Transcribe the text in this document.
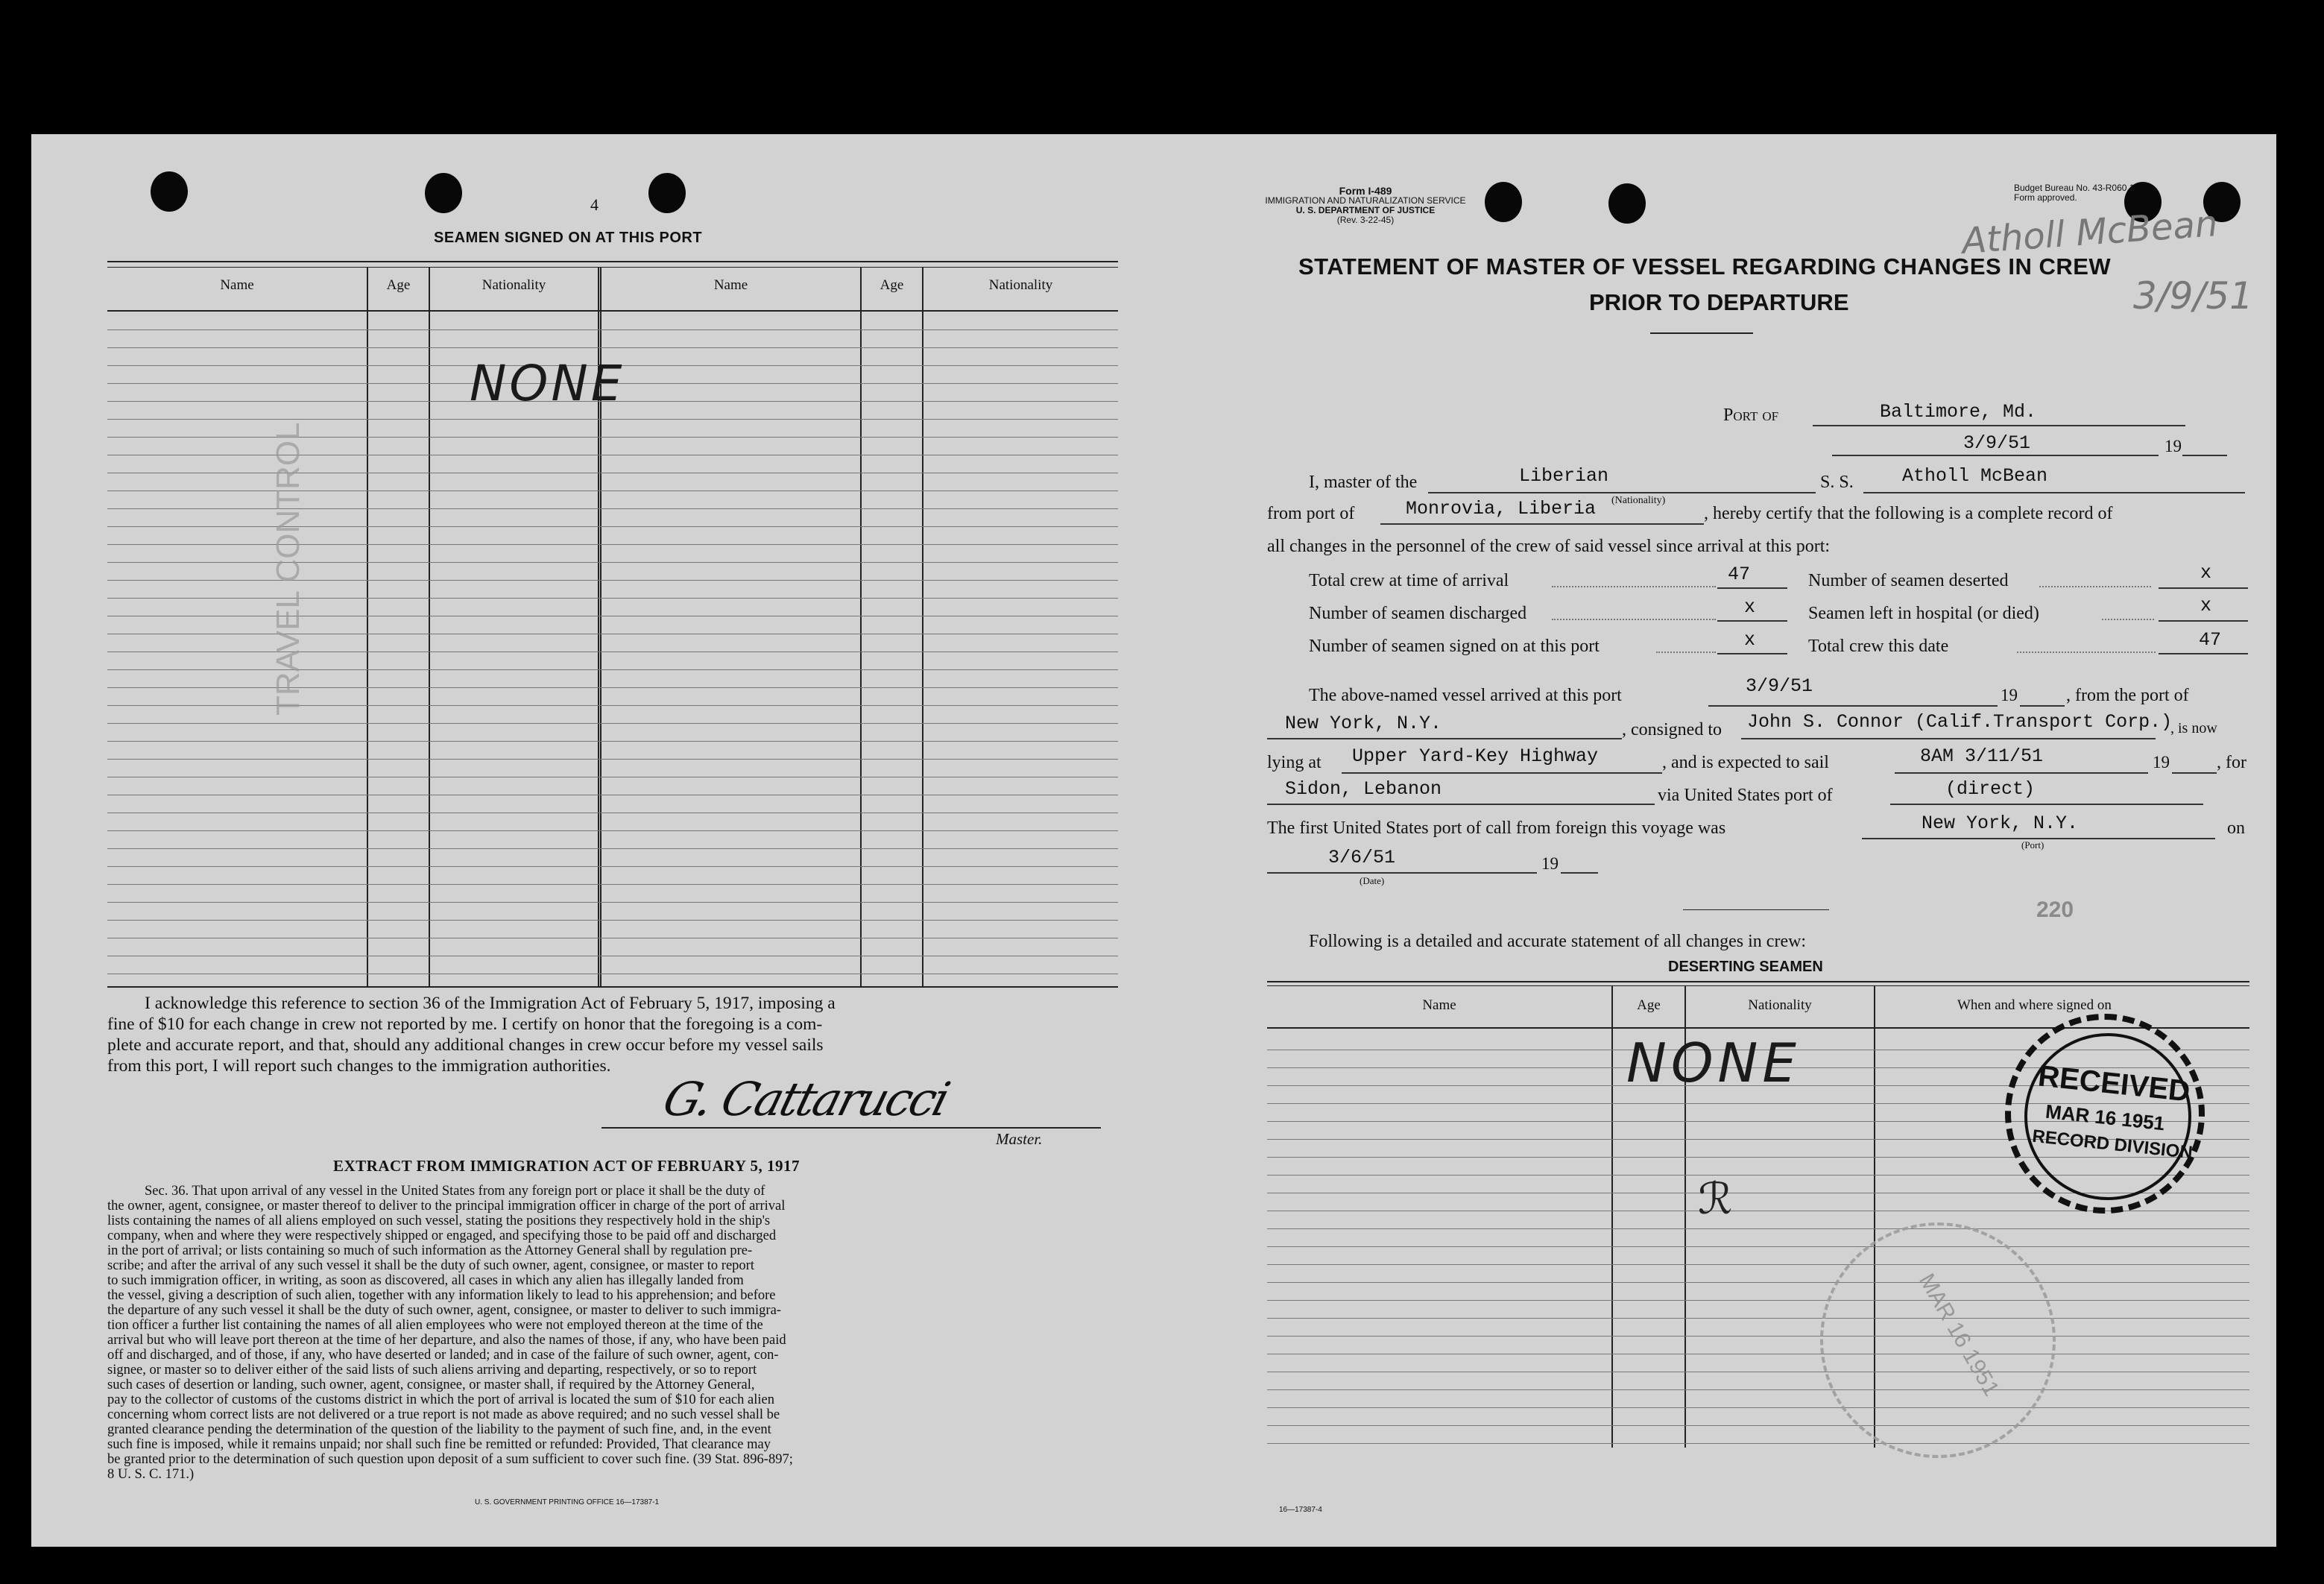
4
SEAMEN SIGNED ON AT THIS PORT
Name	Age	Nationality	Name	Age	Nationality
NONE
TRAVEL CONTROL
I acknowledge this reference to section 36 of the Immigration Act of February 5, 1917, imposing a
fine of $10 for each change in crew not reported by me. I certify on honor that the foregoing is a com-
plete and accurate report, and that, should any additional changes in crew occur before my vessel sails
from this port, I will report such changes to the immigration authorities.
G. Cattarucci
Master.
EXTRACT FROM IMMIGRATION ACT OF FEBRUARY 5, 1917
Sec. 36. That upon arrival of any vessel in the United States from any foreign port or place it shall be the duty of
the owner, agent, consignee, or master thereof to deliver to the principal immigration officer in charge of the port of arrival
lists containing the names of all aliens employed on such vessel, stating the positions they respectively hold in the ship's
company, when and where they were respectively shipped or engaged, and specifying those to be paid off and discharged
in the port of arrival; or lists containing so much of such information as the Attorney General shall by regulation pre-
scribe; and after the arrival of any such vessel it shall be the duty of such owner, agent, consignee, or master to report
to such immigration officer, in writing, as soon as discovered, all cases in which any alien has illegally landed from
the vessel, giving a description of such alien, together with any information likely to lead to his apprehension; and before
the departure of any such vessel it shall be the duty of such owner, agent, consignee, or master to deliver to such immigra-
tion officer a further list containing the names of all alien employees who were not employed thereon at the time of the
arrival but who will leave port thereon at the time of her departure, and also the names of those, if any, who have been paid
off and discharged, and of those, if any, who have deserted or landed; and in case of the failure of such owner, agent, con-
signee, or master so to deliver either of the said lists of such aliens arriving and departing, respectively, or so to report
such cases of desertion or landing, such owner, agent, consignee, or master shall, if required by the Attorney General,
pay to the collector of customs of the customs district in which the port of arrival is located the sum of $10 for each alien
concerning whom correct lists are not delivered or a true report is not made as above required; and no such vessel shall be
granted clearance pending the determination of the question of the liability to the payment of such fine, and, in the event
such fine is imposed, while it remains unpaid; nor shall such fine be remitted or refunded: Provided, That clearance may
be granted prior to the determination of such question upon deposit of a sum sufficient to cover such fine. (39 Stat. 896-897;
8 U. S. C. 171.)
U. S. GOVERNMENT PRINTING OFFICE 16—17387-1
Form I-489
IMMIGRATION AND NATURALIZATION SERVICE
U. S. DEPARTMENT OF JUSTICE
(Rev. 3-22-45)
Budget Bureau No. 43-R060.1.
Form approved.
Atholl McBean
3/9/51
STATEMENT OF MASTER OF VESSEL REGARDING CHANGES IN CREW
PRIOR TO DEPARTURE
Port of	Baltimore, Md.
3/9/51	19
I, master of the	Liberian
(Nationality)
S. S.	Atholl McBean
from port of	Monrovia, Liberia	, hereby certify that the following is a complete record of
all changes in the personnel of the crew of said vessel since arrival at this port:
Total crew at time of arrival	47
Number of seamen discharged	x
Number of seamen signed on at this port	x
Number of seamen deserted	x
Seamen left in hospital (or died)	x
Total crew this date	47
The above-named vessel arrived at this port	3/9/51	19	, from the port of
New York, N.Y.	, consigned to John S. Connor (Calif.Transport Corp.)
, is now
lying at Upper Yard-Key Highway	, and is expected to sail	8AM 3/11/51	19	, for
Sidon, Lebanon	via United States port of	(direct)
The first United States port of call from foreign this voyage was	New York, N.Y.
(Port)
on
3/6/51
(Date)
19
220
Following is a detailed and accurate statement of all changes in crew:
DESERTING SEAMEN
Name	Age	Nationality	When and where signed on
NONE
ℛ
RECEIVED
MAR 16 1951
RECORD DIVISION
MAR 16 1951
16—17387-4
